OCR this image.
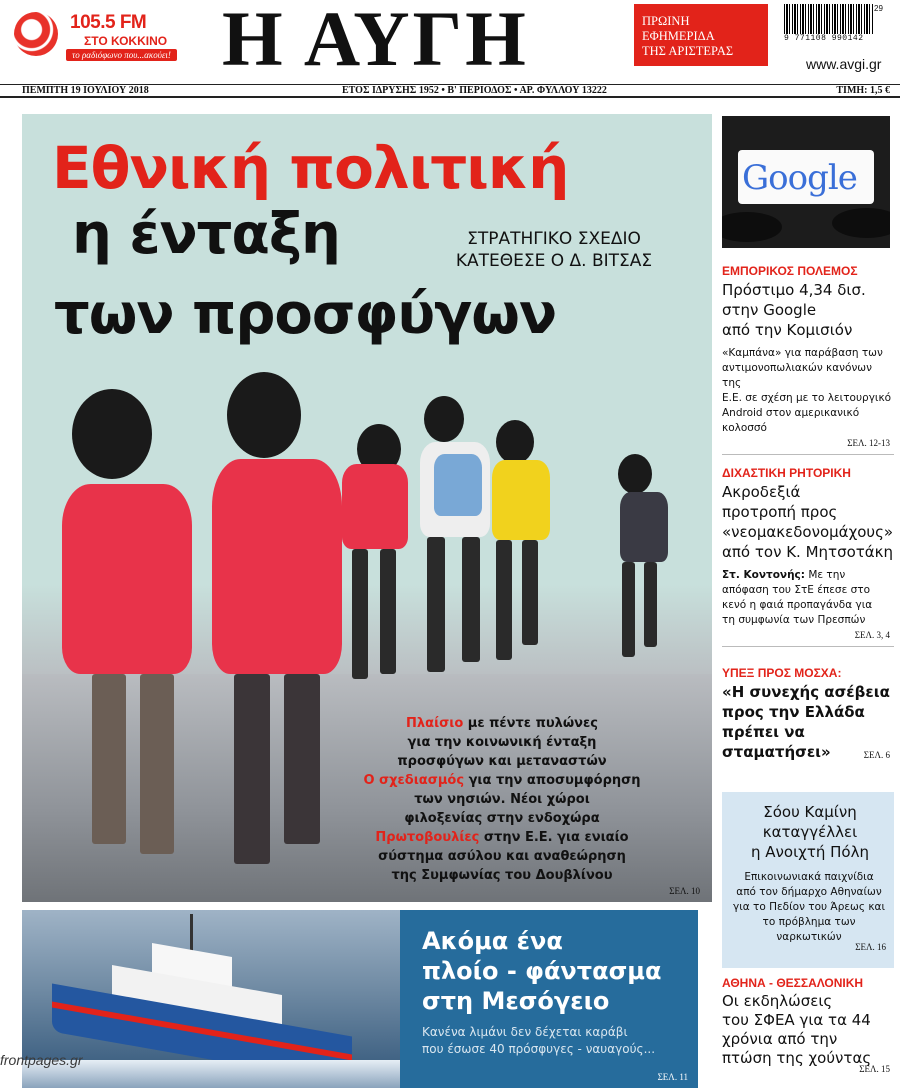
105.5 FM
ΣΤΟ ΚΟΚΚΙΝΟ
το ραδιόφωνο που...ακούει! Η ΑΥΓΗ	ΠΡΩΙΝΗ
ΕΦΗΜΕΡΙΔΑ
ΤΗΣ ΑΡΙΣΤΕΡΑΣ
29
9 771108 990142
www.avgi.gr
ΠΕΜΠΤΗ 19 ΙΟΥΛΙΟΥ 2018	ΕΤΟΣ ΙΔΡΥΣΗΣ 1952 • Β' ΠΕΡΙΟΔΟΣ • ΑΡ. ΦΥΛΛΟΥ 13222	ΤΙΜΗ: 1,5 €
Εθνική πολιτική
η ένταξη
των προσφύγων
ΣΤΡΑΤΗΓΙΚΟ ΣΧΕΔΙΟ
ΚΑΤΕΘΕΣΕ Ο Δ. ΒΙΤΣΑΣ
Πλαίσιο με πέντε πυλώνες
για την κοινωνική ένταξη
προσφύγων και μεταναστών
Ο σχεδιασμός για την αποσυμφόρηση
των νησιών. Νέοι χώροι
φιλοξενίας στην ενδοχώρα
Πρωτοβουλίες στην Ε.Ε. για ενιαίο
σύστημα ασύλου και αναθεώρηση
της Συμφωνίας του Δουβλίνου
ΣΕΛ. 10
Ακόμα ένα
πλοίο - φάντασμα
στη Μεσόγειο
Κανένα λιμάνι δεν δέχεται καράβι
που έσωσε 40 πρόσφυγες - ναυαγούς...
ΣΕΛ. 11
Google
ΕΜΠΟΡΙΚΟΣ ΠΟΛΕΜΟΣ
Πρόστιμο 4,34 δισ.
στην Google
από την Κομισιόν
«Καμπάνα» για παράβαση των
αντιμονοπωλιακών κανόνων της
Ε.Ε. σε σχέση με το λειτουργικό
Android στον αμερικανικό
κολοσσό
ΣΕΛ. 12-13
ΔΙΧΑΣΤΙΚΗ ΡΗΤΟΡΙΚΗ
Ακροδεξιά
προτροπή προς
«νεομακεδονομάχους»
από τον Κ. Μητσοτάκη
Στ. Κοντονής: Με την
απόφαση του ΣτΕ έπεσε στο
κενό η φαιά προπαγάνδα για
τη συμφωνία των Πρεσπών
ΣΕΛ. 3, 4
ΥΠΕΞ ΠΡΟΣ ΜΟΣΧΑ:
«Η συνεχής ασέβεια
προς την Ελλάδα
πρέπει να
σταματήσει»	ΣΕΛ. 6
Σόου Καμίνη
καταγγέλλει
η Ανοιχτή Πόλη
Επικοινωνιακά παιχνίδια
από τον δήμαρχο Αθηναίων
για το Πεδίον του Άρεως και
το πρόβλημα των
ναρκωτικών
ΣΕΛ. 16
ΑΘΗΝΑ - ΘΕΣΣΑΛΟΝΙΚΗ
Οι εκδηλώσεις
του ΣΦΕΑ για τα 44
χρόνια από την
πτώση της χούντας
ΣΕΛ. 15
frontpages.gr
